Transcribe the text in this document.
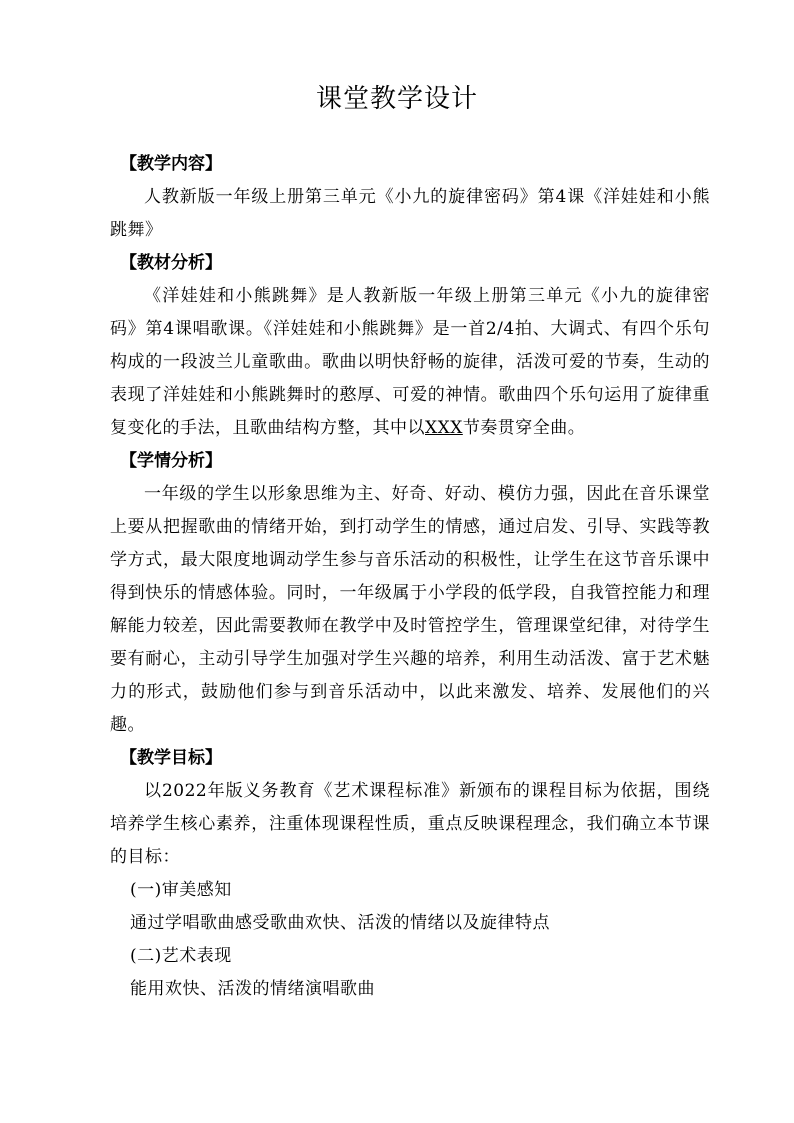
课堂教学设计

【教学内容】

人教新版一年级上册第三单元《小九的旋律密码》第4课《洋娃娃和小熊跳舞》

【教材分析】

《洋娃娃和小熊跳舞》是人教新版一年级上册第三单元《小九的旋律密码》第4课唱歌课。《洋娃娃和小熊跳舞》是一首2/4拍、大调式、有四个乐句构成的一段波兰儿童歌曲。歌曲以明快舒畅的旋律，活泼可爱的节奏，生动的表现了洋娃娃和小熊跳舞时的憨厚、可爱的神情。歌曲四个乐句运用了旋律重复变化的手法，且歌曲结构方整，其中以XXX节奏贯穿全曲。

【学情分析】

一年级的学生以形象思维为主、好奇、好动、模仿力强，因此在音乐课堂上要从把握歌曲的情绪开始，到打动学生的情感，通过启发、引导、实践等教学方式，最大限度地调动学生参与音乐活动的积极性，让学生在这节音乐课中得到快乐的情感体验。同时，一年级属于小学段的低学段，自我管控能力和理解能力较差，因此需要教师在教学中及时管控学生，管理课堂纪律，对待学生要有耐心，主动引导学生加强对学生兴趣的培养，利用生动活泼、富于艺术魅力的形式，鼓励他们参与到音乐活动中，以此来激发、培养、发展他们的兴趣。

【教学目标】

以2022年版义务教育《艺术课程标准》新颁布的课程目标为依据，围绕培养学生核心素养，注重体现课程性质，重点反映课程理念，我们确立本节课的目标：

(一)审美感知

通过学唱歌曲感受歌曲欢快、活泼的情绪以及旋律特点

(二)艺术表现

能用欢快、活泼的情绪演唱歌曲
